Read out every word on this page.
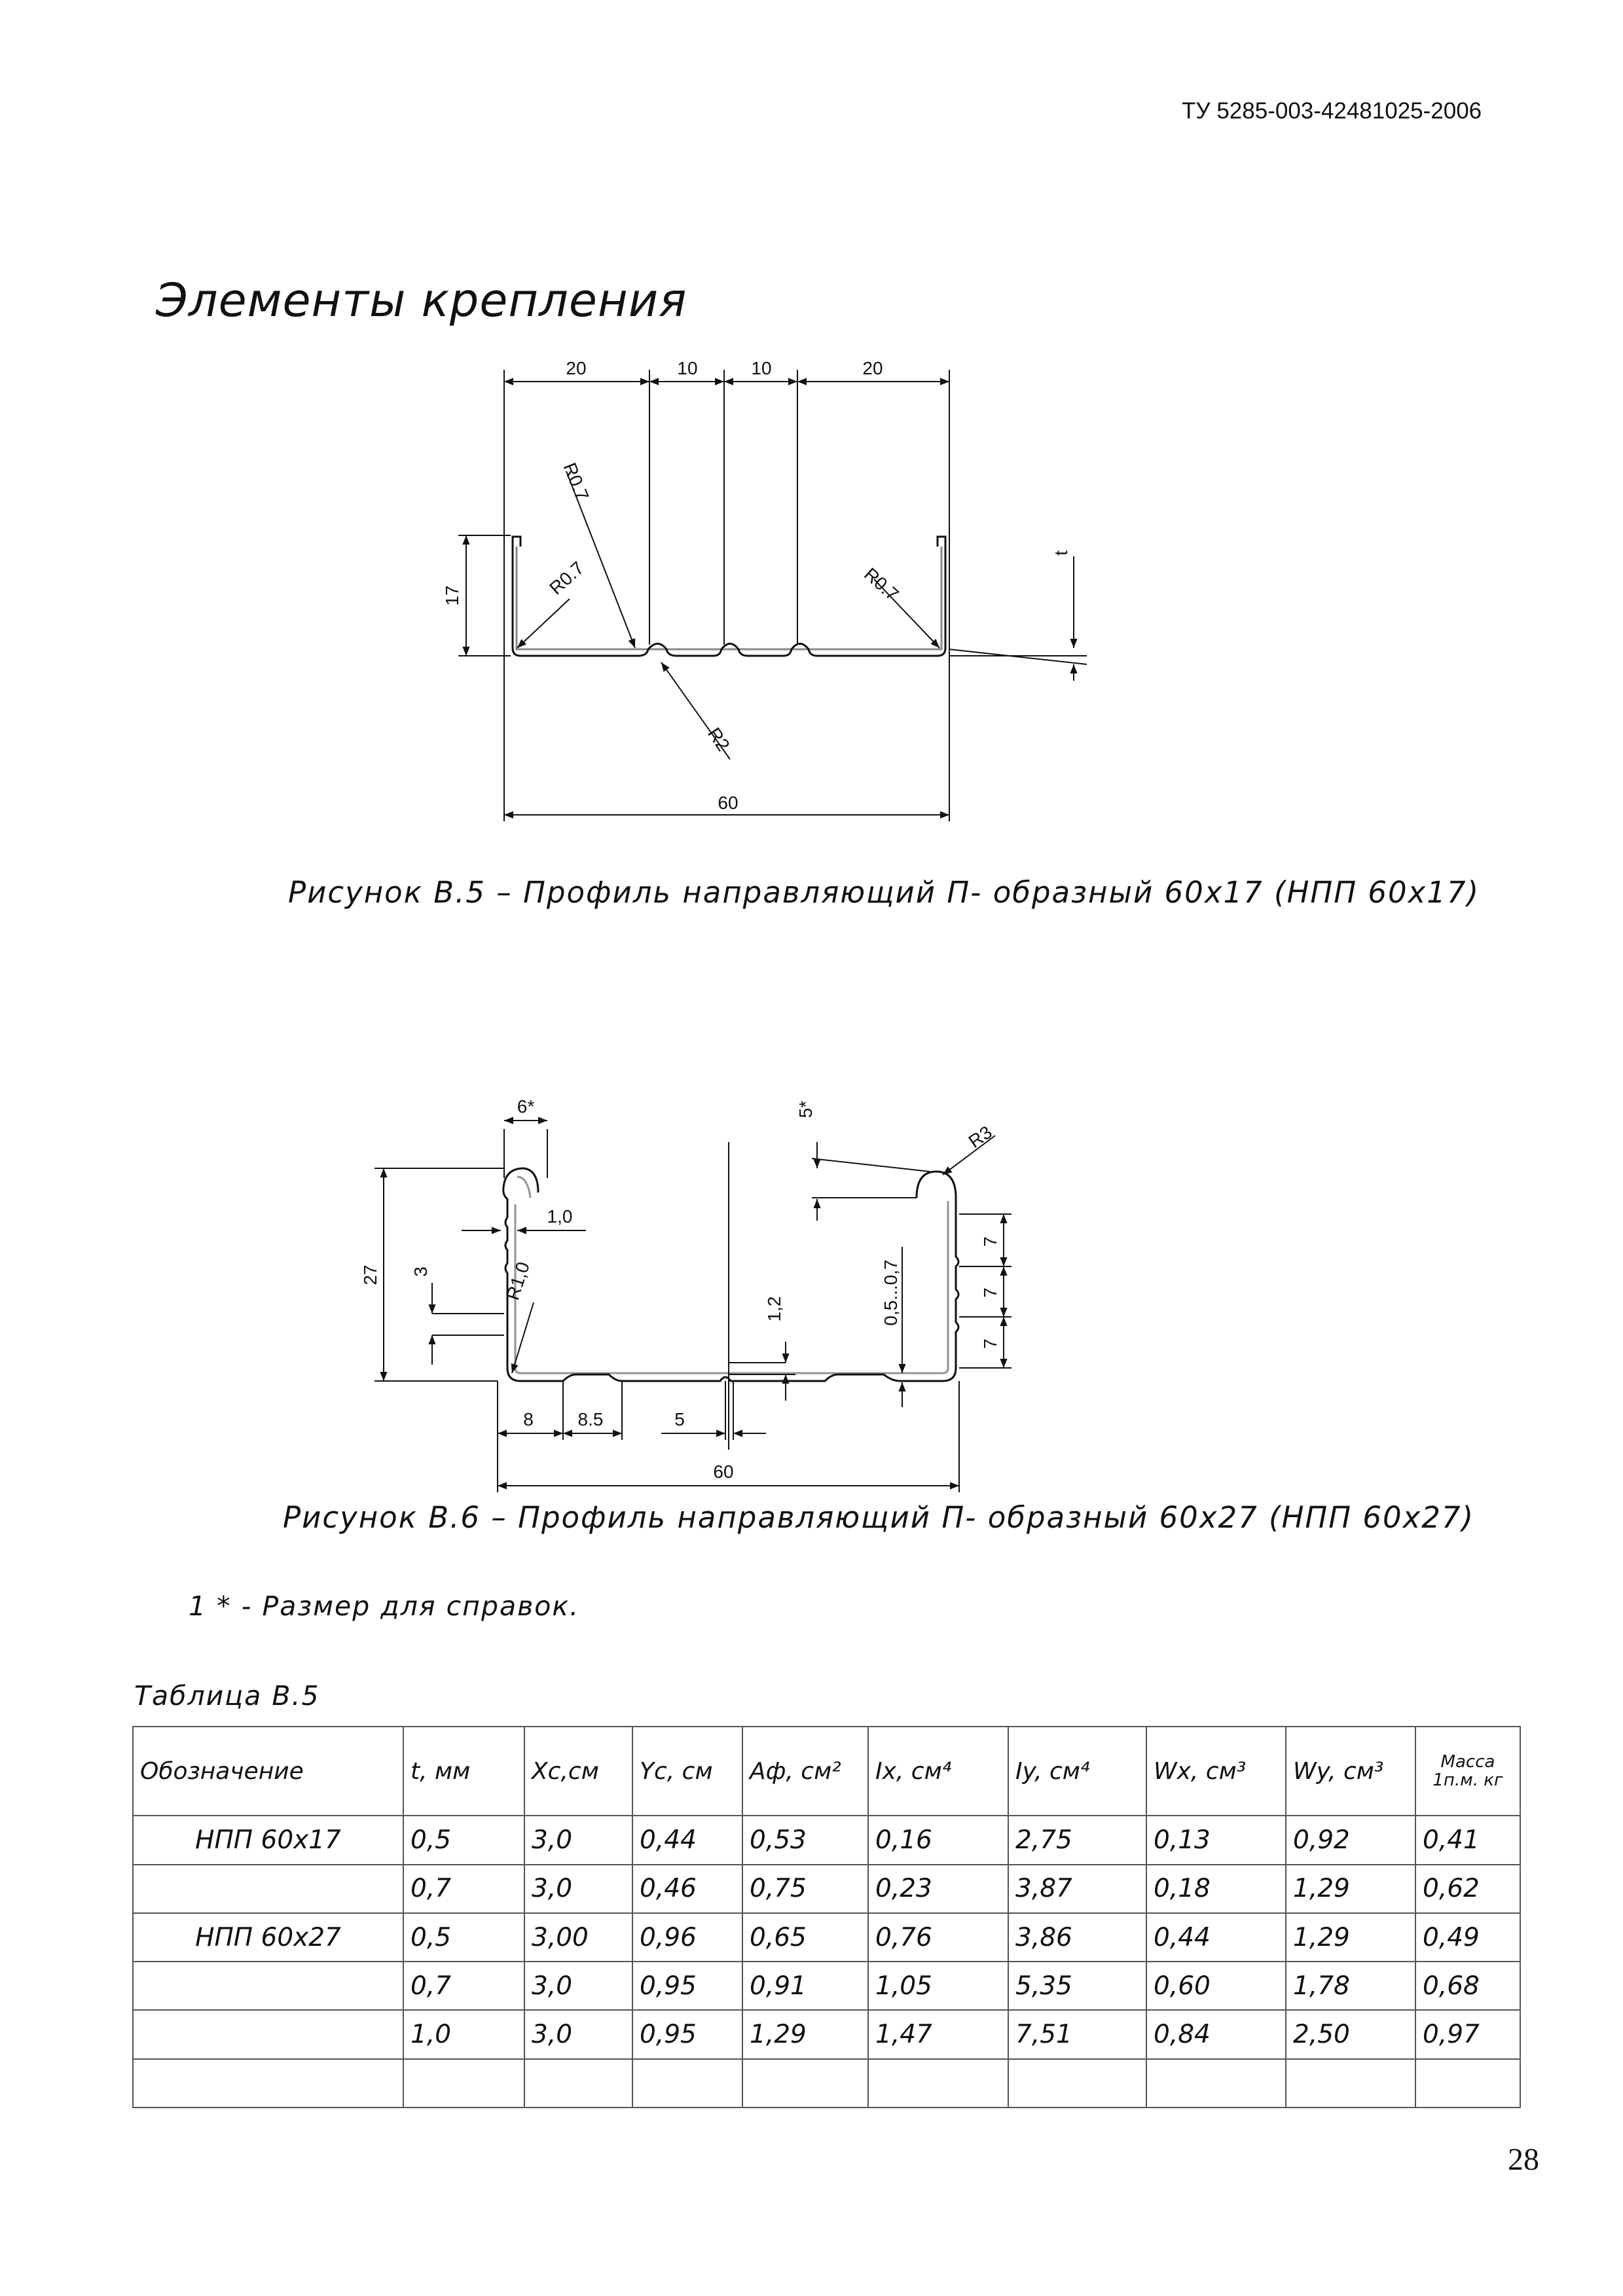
ТУ 5285-003-42481025-2006
Элементы крепления
20	10	10	20
60
17
t
R0.7
R0.7	R0.7
R2
6*	5*
R3
1,0
27 3	R1,0
1,2	0,5...0,7
7
7
7
8 8.5	5
60
Рисунок В.5 – Профиль направляющий П- образный 60х17 (НПП 60х17)
Рисунок В.6 – Профиль направляющий П- образный 60х27 (НПП 60х27)
1 * - Размер для справок.
Таблица В.5
Обозначение	t, мм	Xc,см	Yc, см	Aф, см²	Ix, см⁴	Iy, см⁴	Wx, см³	Wy, см³	Масса 1п.м. кг
НПП 60х17	0,5	3,0	0,44	0,53	0,16	2,75	0,13	0,92	0,41
	0,7	3,0	0,46	0,75	0,23	3,87	0,18	1,29	0,62
НПП 60х27	0,5	3,00	0,96	0,65	0,76	3,86	0,44	1,29	0,49
	0,7	3,0	0,95	0,91	1,05	5,35	0,60	1,78	0,68
	1,0	3,0	0,95	1,29	1,47	7,51	0,84	2,50	0,97

28
